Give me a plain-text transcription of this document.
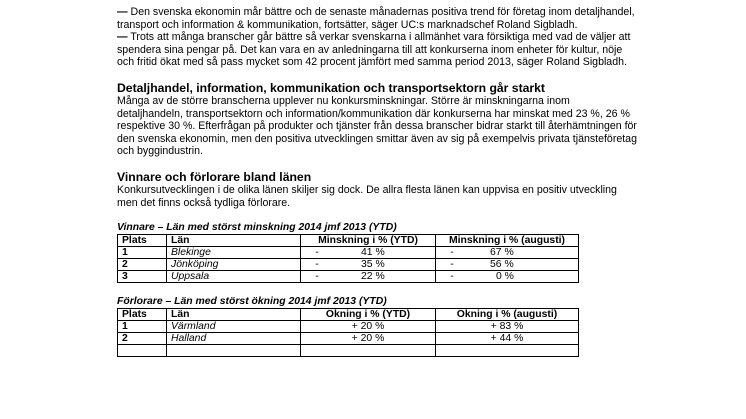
— Den svenska ekonomin mår bättre och de senaste månadernas positiva trend för företag inom detaljhandel, transport och information & kommunikation, fortsätter, säger UC:s marknadschef Roland Sigbladh.

— Trots att många branscher går bättre så verkar svenskarna i allmänhet vara försiktiga med vad de väljer att spendera sina pengar på. Det kan vara en av anledningarna till att konkurserna inom enheter för kultur, nöje och fritid ökat med så pass mycket som 42 procent jämfört med samma period 2013, säger Roland Sigbladh.

Detaljhandel, information, kommunikation och transportsektorn går starkt

Många av de större branscherna upplever nu konkursminskningar. Större är minskningarna inom detaljhandeln, transportsektorn och information/kommunikation där konkurserna har minskat med 23 %, 26 % respektive 30 %. Efterfrågan på produkter och tjänster från dessa branscher bidrar starkt till återhämtningen för den svenska ekonomin, men den positiva utvecklingen smittar även av sig på exempelvis privata tjänsteföretag och byggindustrin.

Vinnare och förlorare bland länen

Konkursutvecklingen i de olika länen skiljer sig dock. De allra flesta länen kan uppvisa en positiv utveckling men det finns också tydliga förlorare.

Vinnare – Län med störst minskning 2014 jmf 2013 (YTD)

Plats	Län	Minskning i % (YTD)	Minskning i % (augusti)
1	Blekinge	- 41 %	- 67 %
2	Jönköping	- 35 %	- 56 %
3	Uppsala	- 22 %	- 0 %

Förlorare – Län med störst ökning 2014 jmf 2013 (YTD)

Plats	Län	Ökning i % (YTD)	Ökning i % (augusti)
1	Värmland	+ 20 %	+ 83 %
2	Halland	+ 20 %	+ 44 %
